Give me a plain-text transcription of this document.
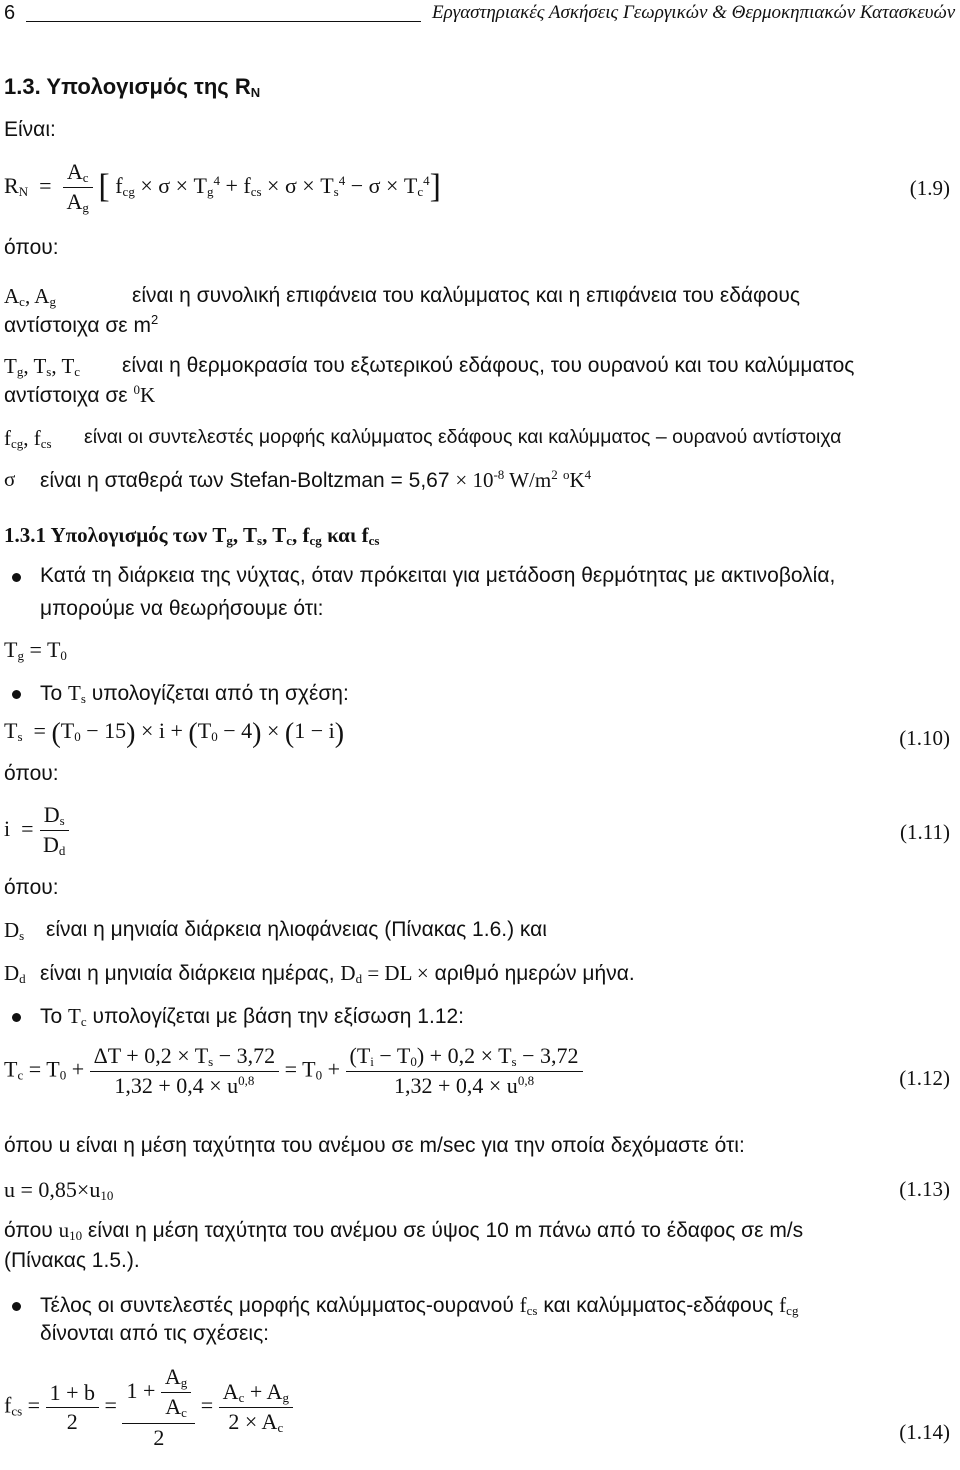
6	Εργαστηριακές Ασκήσεις Γεωργικών & Θερμοκηπιακών Κατασκευών
1.3. Υπολογισμός της $R_N$
Είναι:
$R_N = \frac{A_c}{A_g}$ [ $f_{cg} \times \sigma \times T_g^4 + f_{cs} \times \sigma \times T_s^4 - \sigma \times T_c^4$]	(1.9)
όπου:
$A_c$, $A_g$	είναι η συνολική επιφάνεια του καλύμματος και η επιφάνεια του εδάφους
αντίστοιχα σε $m^2$
$T_g$, $T_s$, $T_c$ είναι η θερμοκρασία του εξωτερικού εδάφους, του ουρανού και του καλύμματος
αντίστοιχα σε $^0$K
$f_{cg}$, $f_{cs}$ είναι οι συντελεστές μορφής καλύμματος εδάφους και καλύμματος – ουρανού αντίστοιχα
σ είναι η σταθερά των Stefan-Boltzman = $5,67 \times 10^{-8}$ $W/m^2$ $^oK^4$
1.3.1 Υπολογισμός των $T_g$, $T_s$, $T_c$, $f_{cg}$ και $f_{cs}$
Κατά τη διάρκεια της νύχτας, όταν πρόκειται για μετάδοση θερμότητας με ακτινοβολία,
μπορούμε να θεωρήσουμε ότι:
$T_g = T_0$
Το $T_s$ υπολογίζεται από τη σχέση:
$T_s = (T_0 - 15) \times i + (T_0 - 4) \times (1 - i)$	(1.10)
όπου:
$i = \frac{D_s}{D_d}$	(1.11)
όπου:
$D_s$ είναι η μηνιαία διάρκεια ηλιοφάνειας (Πίνακας 1.6.) και
$D_d$ είναι η μηνιαία διάρκεια ημέρας, $D_d$ = DL × αριθμό ημερών μήνα.
Το $T_c$ υπολογίζεται με βάση την εξίσωση 1.12:
$T_c = T_0 + \frac{\Delta T + 0,2 \times T_s - 3,72}{1,32 + 0,4 \times u^{0,8}} = T_0 + \frac{(T_i - T_0) + 0,2 \times T_s - 3,72}{1,32 + 0,4 \times u^{0,8}}$	(1.12)
όπου u είναι η μέση ταχύτητα του ανέμου σε m/sec για την οποία δεχόμαστε ότι:
$u = 0,85\times u_{10}$	(1.13)
όπου $u_{10}$ είναι η μέση ταχύτητα του ανέμου σε ύψος 10 m πάνω από το έδαφος σε m/s
(Πίνακας 1.5.).
Τέλος οι συντελεστές μορφής καλύμματος-ουρανού $f_{cs}$ και καλύμματος-εδάφους $f_{cg}$
δίνονται από τις σχέσεις:
$f_{cs} = \frac{1 + b}{2} = \frac{1 + \frac{A_g}{A_c}}{2} = \frac{A_c + A_g}{2 \times A_c}$	(1.14)
